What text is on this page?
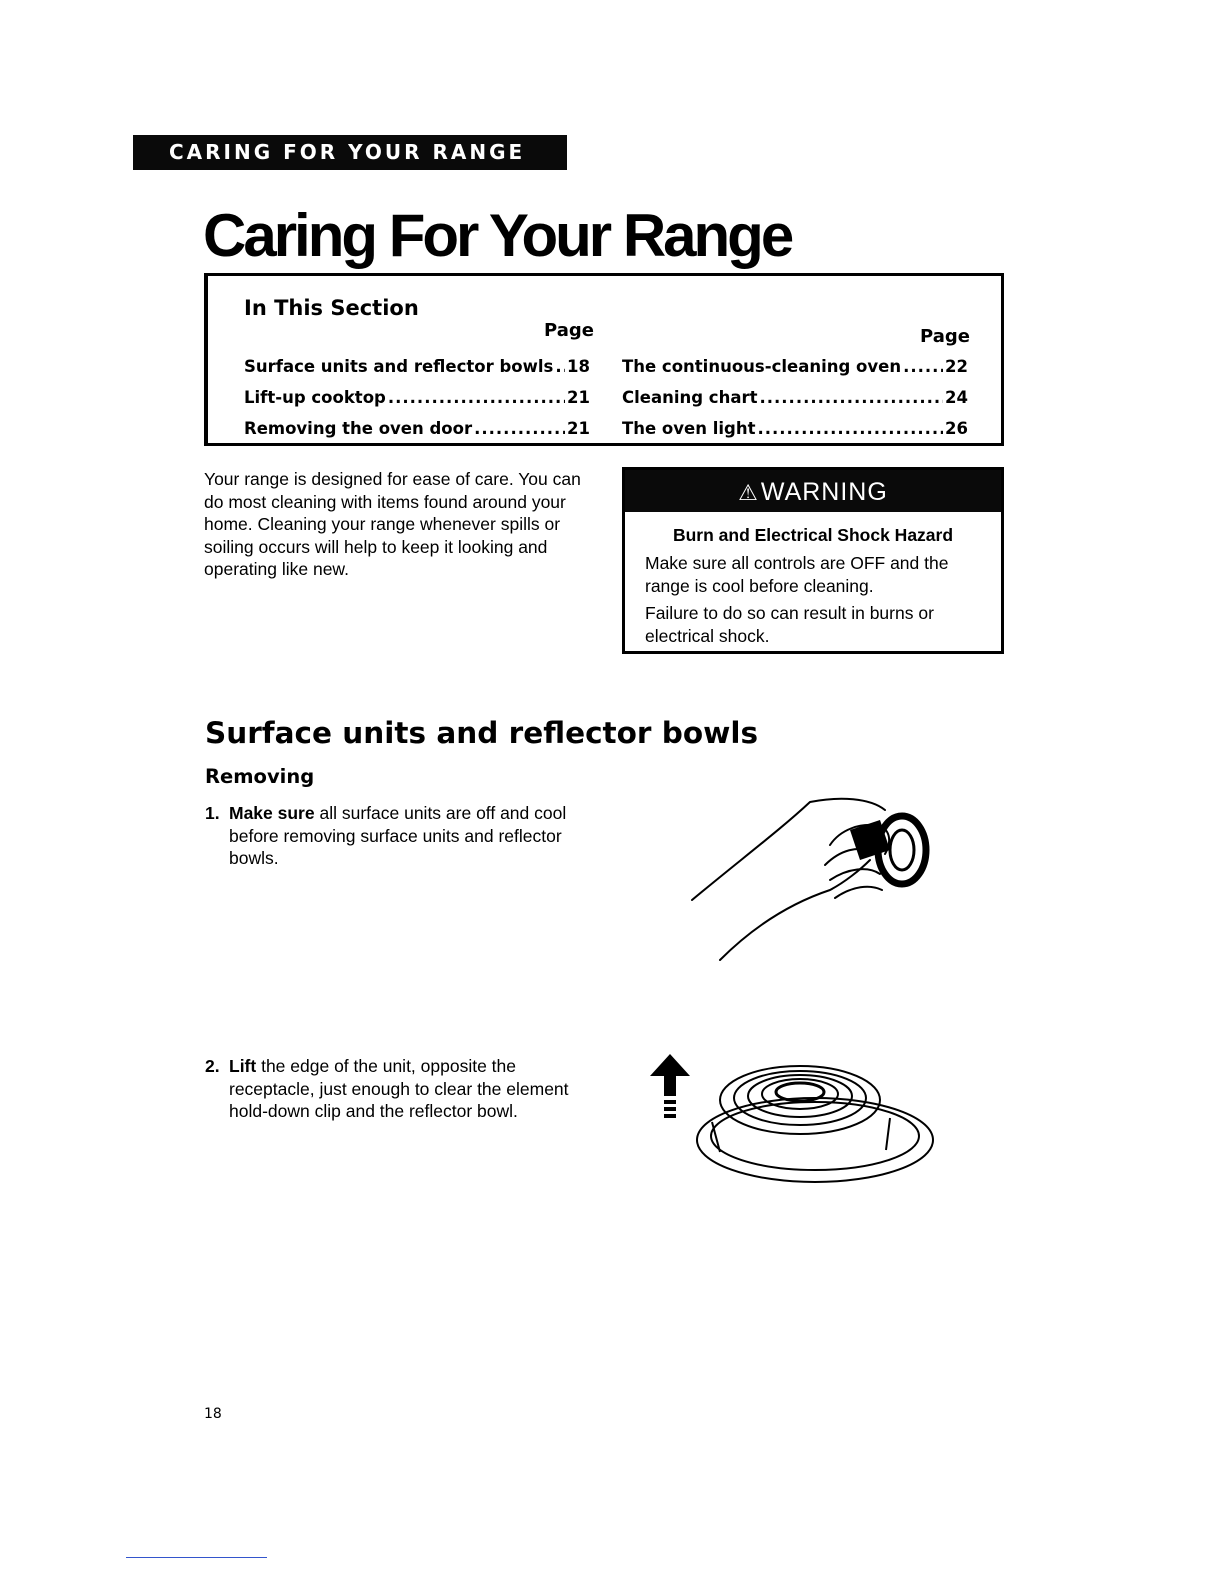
CARING FOR YOUR RANGE
Caring For Your Range
In This Section
Page	Page
Surface units and reflector bowls ..... 18
Lift-up cooktop .....	21
Removing the oven door .....	21
The continuous-cleaning oven .....	22
Cleaning chart .....	24
The oven light .....	26

Your range is designed for ease of care. You can do most cleaning with items found around your home. Cleaning your range whenever spills or soiling occurs will help to keep it looking and operating like new.

⚠WARNING
Burn and Electrical Shock Hazard
Make sure all controls are OFF and the range is cool before cleaning.
Failure to do so can result in burns or electrical shock.
Surface units and reflector bowls
Removing
1. Make sure all surface units are off and cool before removing surface units and reflector bowls.
2. Lift the edge of the unit, opposite the receptacle, just enough to clear the element hold-down clip and the reflector bowl.
18
